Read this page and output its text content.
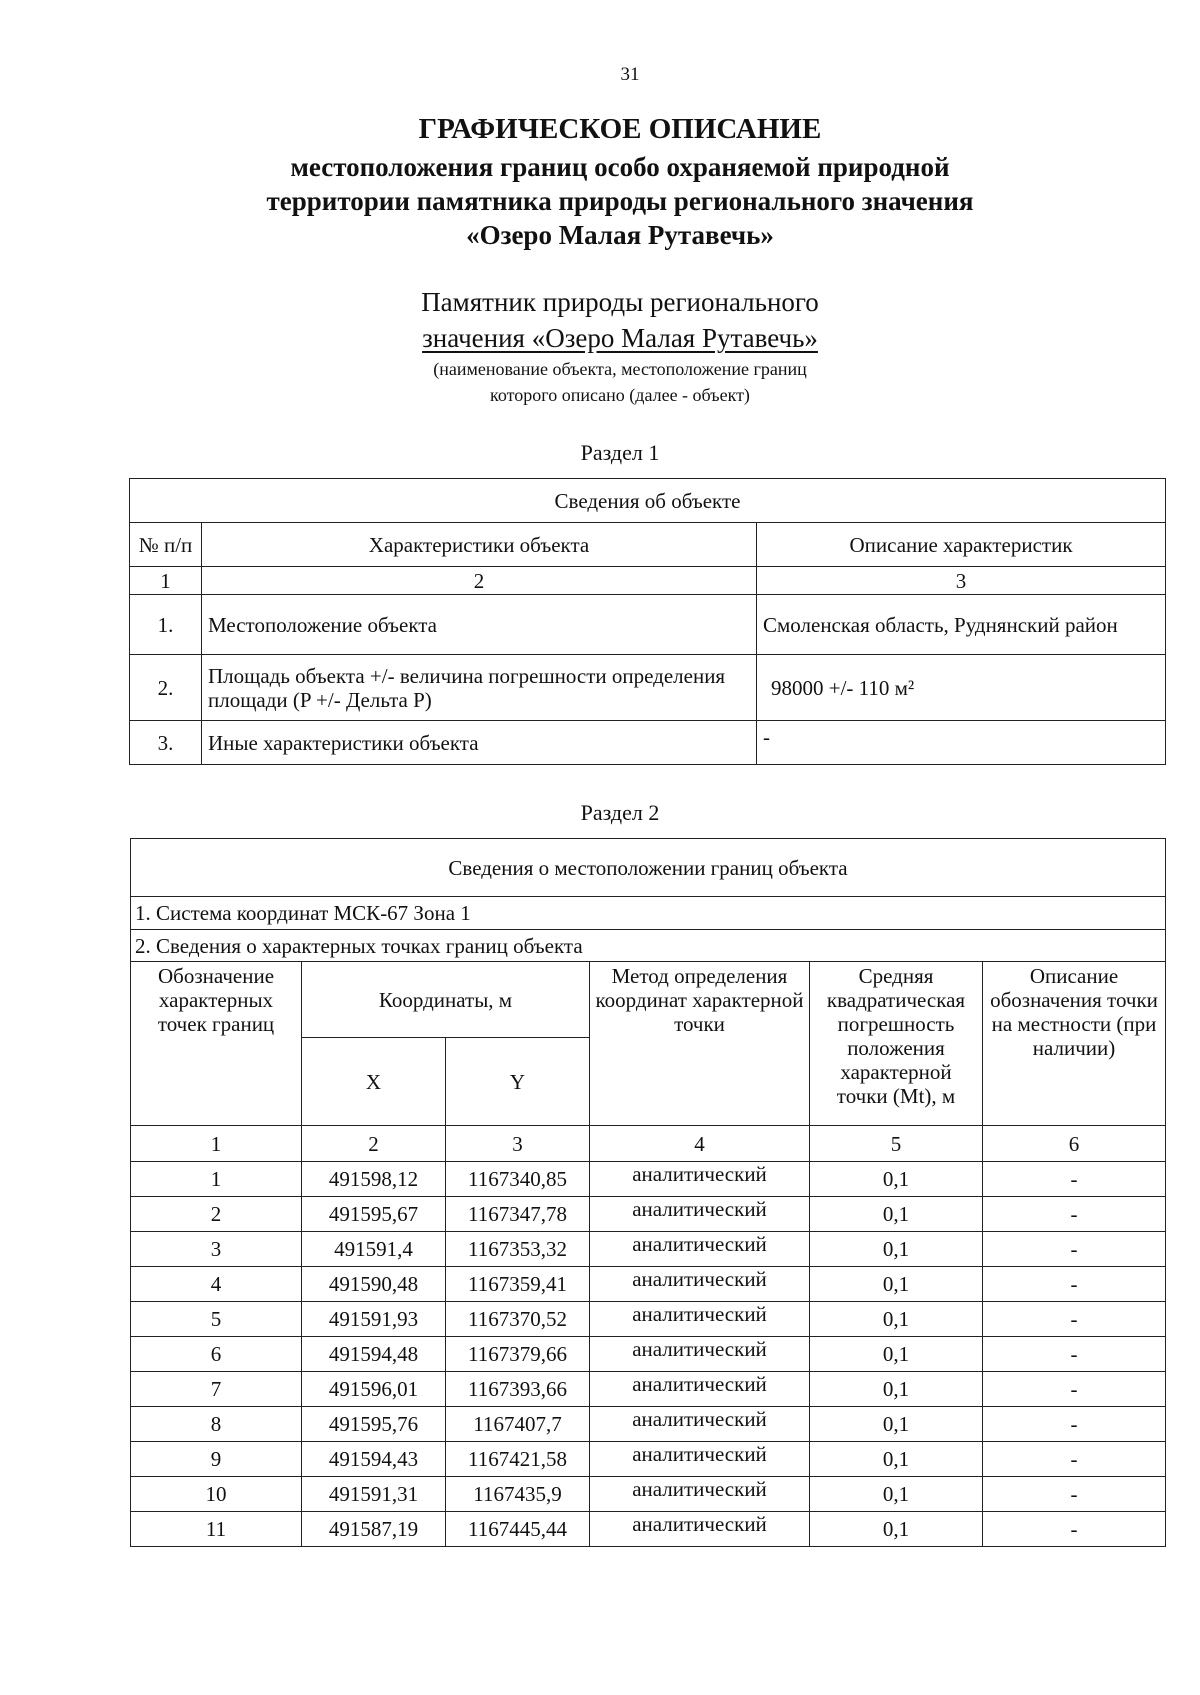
31
ГРАФИЧЕСКОЕ ОПИСАНИЕ
местоположения границ особо охраняемой природной
территории памятника природы регионального значения
«Озеро Малая Рутавечь»
Памятник природы регионального
значения «Озеро Малая Рутавечь»
(наименование объекта, местоположение границ
которого описано (далее - объект)
Раздел 1
Сведения об объекте		
№ п/п	Характеристики объекта	Описание характеристик
1	2	3
1.	Местоположение объекта	Смоленская область, Руднянский район
2.	Площадь объекта +/- величина погрешности определения площади (P +/- Дельта P)	98000 +/- 110 м²
3.	Иные характеристики объекта	-
Раздел 2
Сведения о местоположении границ объекта					
1. Система координат МСК-67 Зона 1					
2. Сведения о характерных точках границ объекта					
Обозначение характерных точек границ	Координаты, м		Метод определения координат характерной точки	Средняя квадратическая погрешность положения характерной точки (Mt), м	Описание обозначения точки на местности (при наличии)
	X	Y			
1	2	3	4	5	6
1	491598,12	1167340,85	аналитический	0,1	-
2	491595,67	1167347,78	аналитический	0,1	-
3	491591,4	1167353,32	аналитический	0,1	-
4	491590,48	1167359,41	аналитический	0,1	-
5	491591,93	1167370,52	аналитический	0,1	-
6	491594,48	1167379,66	аналитический	0,1	-
7	491596,01	1167393,66	аналитический	0,1	-
8	491595,76	1167407,7	аналитический	0,1	-
9	491594,43	1167421,58	аналитический	0,1	-
10	491591,31	1167435,9	аналитический	0,1	-
11	491587,19	1167445,44	аналитический	0,1	-
